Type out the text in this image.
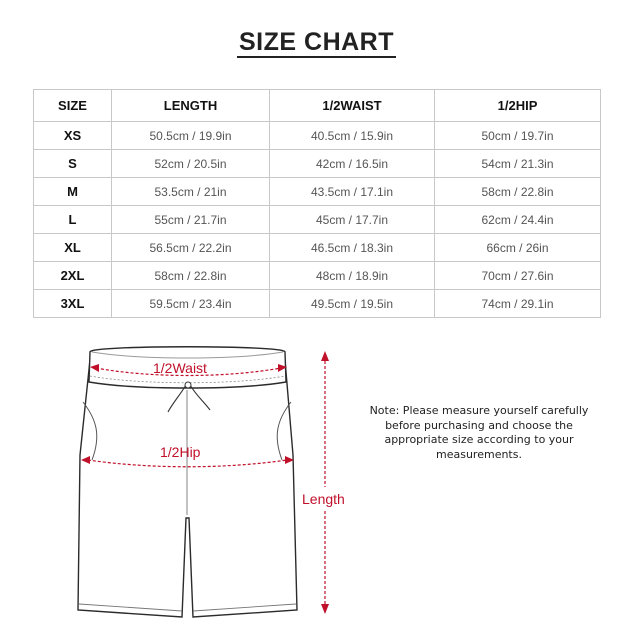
SIZE CHART
SIZE	LENGTH	1/2WAIST	1/2HIP
XS	50.5cm / 19.9in	40.5cm / 15.9in	50cm / 19.7in
S	52cm / 20.5in	42cm / 16.5in	54cm / 21.3in
M	53.5cm / 21in	43.5cm / 17.1in	58cm / 22.8in
L	55cm / 21.7in	45cm / 17.7in	62cm / 24.4in
XL	56.5cm / 22.2in	46.5cm / 18.3in	66cm / 26in
2XL	58cm / 22.8in	48cm / 18.9in	70cm / 27.6in
3XL	59.5cm / 23.4in	49.5cm / 19.5in	74cm / 29.1in
1/2Waist
1/2Hip
Length
Note: Please measure yourself carefully before purchasing and choose the appropriate size according to your measurements.
